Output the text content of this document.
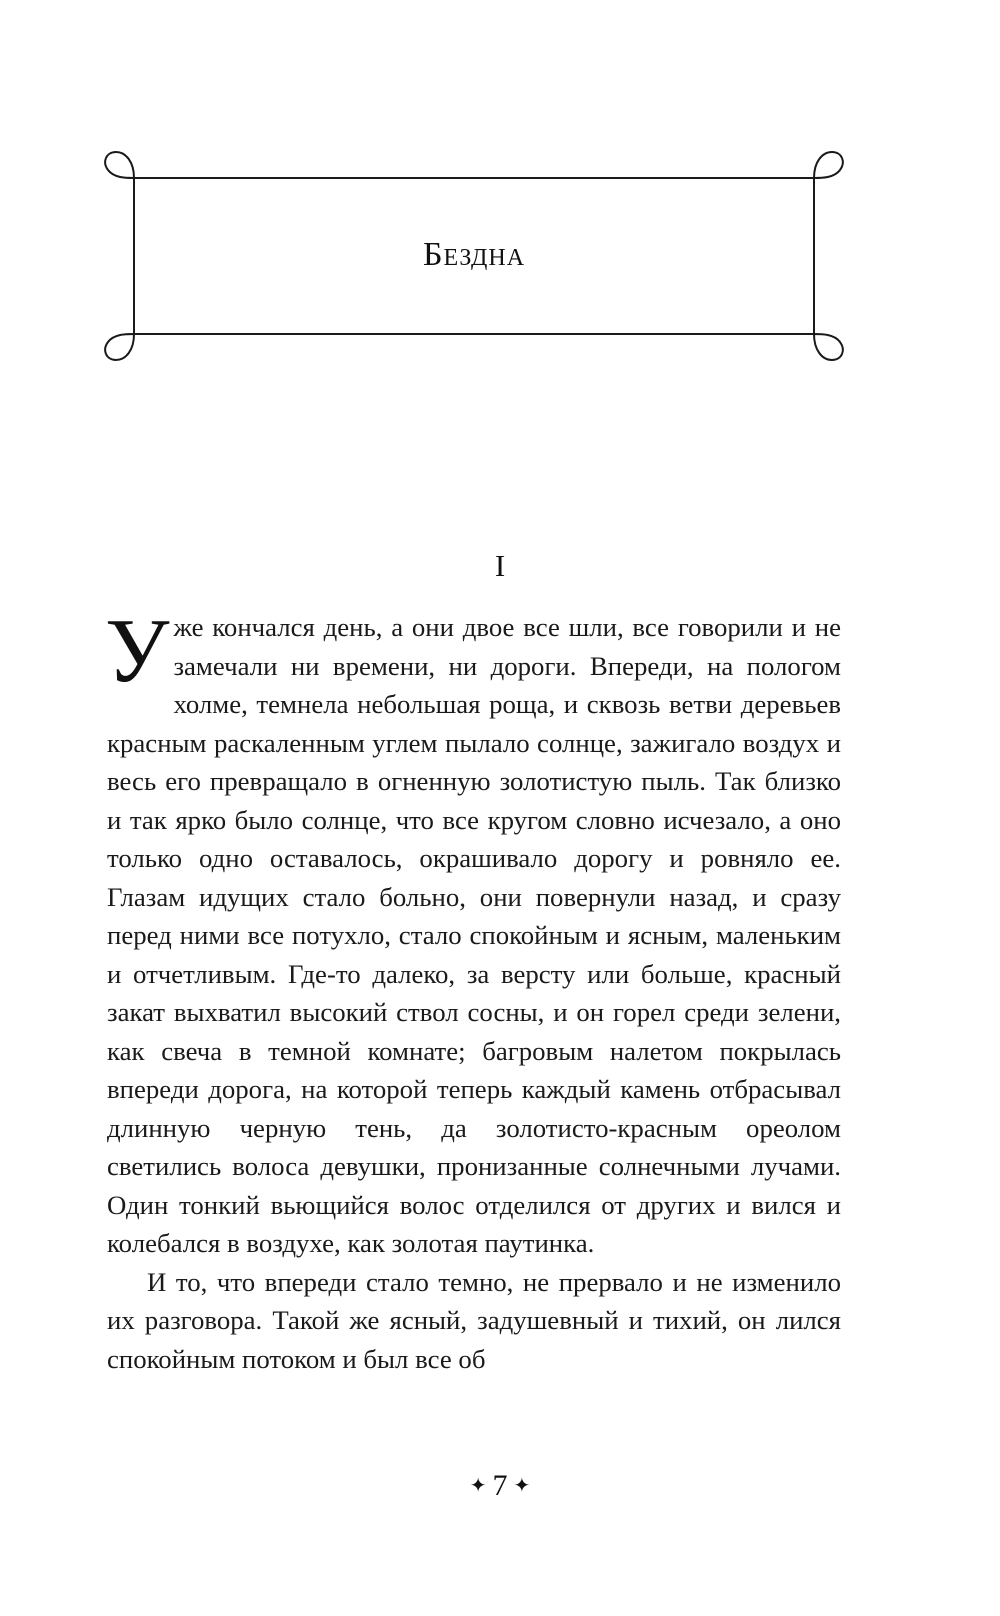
Бездна
I

Уже кончался день, а они двое все шли, все говорили и не замечали ни времени, ни дороги. Впереди, на пологом холме, темнела небольшая роща, и сквозь ветви деревьев красным раскаленным углем пылало солнце, зажигало воздух и весь его превращало в огненную золотистую пыль. Так близко и так ярко было солнце, что все кругом словно исчезало, а оно только одно оставалось, окрашивало дорогу и ровняло ее. Глазам идущих стало больно, они повернули назад, и сразу перед ними все потухло, стало спокойным и ясным, маленьким и отчетливым. Где-то далеко, за версту или больше, красный закат выхватил высокий ствол сосны, и он горел среди зелени, как свеча в темной комнате; багровым налетом покрылась впереди дорога, на которой теперь каждый камень отбрасывал длинную черную тень, да золотисто-красным ореолом светились волоса девушки, пронизанные солнечными лучами. Один тонкий вьющийся волос отделился от других и вился и колебался в воздухе, как золотая паутинка.

И то, что впереди стало темно, не прервало и не изменило их разговора. Такой же ясный, задушевный и тихий, он лился спокойным потоком и был все об

✦ 7 ✦
